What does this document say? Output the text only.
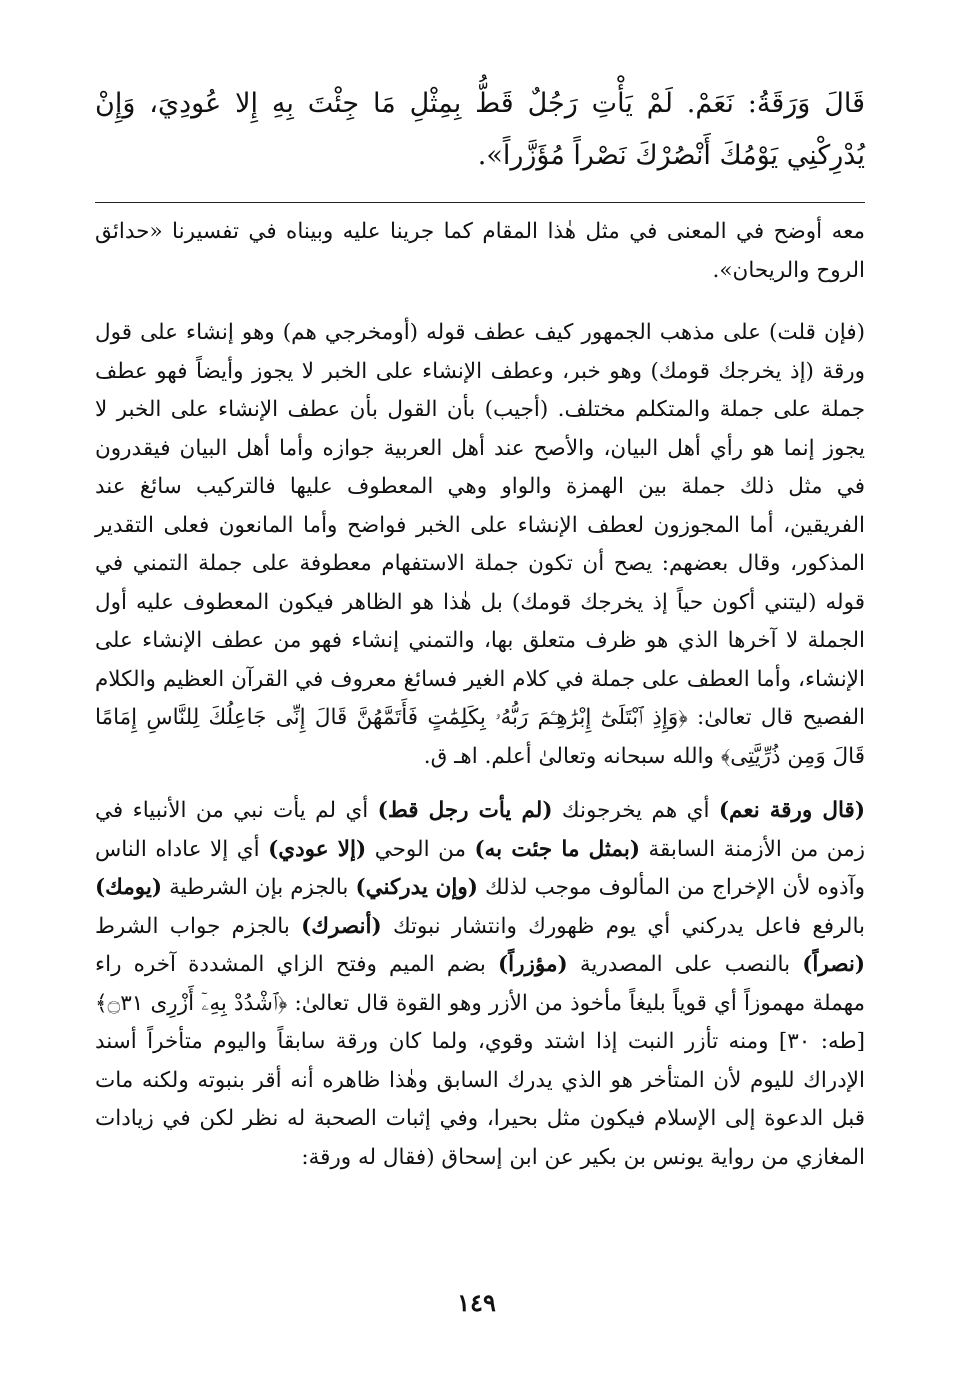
قَالَ وَرَقَةُ: نَعَمْ. لَمْ يَأْتِ رَجُلٌ قَطُّ بِمِثْلِ مَا جِئْتَ بِهِ إِلا عُودِيَ، وَإِنْ يُدْرِكْنِي يَوْمُكَ أَنْصُرْكَ نَصْراً مُؤَزَّراً».

معه أوضح في المعنى في مثل هٰذا المقام كما جرينا عليه وبيناه في تفسيرنا «حدائق الروح والريحان».

(فإن قلت) على مذهب الجمهور كيف عطف قوله (أومخرجي هم) وهو إنشاء على قول ورقة (إذ يخرجك قومك) وهو خبر، وعطف الإنشاء على الخبر لا يجوز وأيضاً فهو عطف جملة على جملة والمتكلم مختلف. (أجيب) بأن القول بأن عطف الإنشاء على الخبر لا يجوز إنما هو رأي أهل البيان، والأصح عند أهل العربية جوازه وأما أهل البيان فيقدرون في مثل ذلك جملة بين الهمزة والواو وهي المعطوف عليها فالتركيب سائغ عند الفريقين، أما المجوزون لعطف الإنشاء على الخبر فواضح وأما المانعون فعلى التقدير المذكور، وقال بعضهم: يصح أن تكون جملة الاستفهام معطوفة على جملة التمني في قوله (ليتني أكون حياً إذ يخرجك قومك) بل هٰذا هو الظاهر فيكون المعطوف عليه أول الجملة لا آخرها الذي هو ظرف متعلق بها، والتمني إنشاء فهو من عطف الإنشاء على الإنشاء، وأما العطف على جملة في كلام الغير فسائغ معروف في القرآن العظيم والكلام الفصيح قال تعالىٰ: ﴿وَإِذِ ٱبْتَلَىٰٓ إِبْرَٰهِـۧمَ رَبُّهُۥ بِكَلِمَٰتٍ فَأَتَمَّهُنَّ قَالَ إِنِّى جَاعِلُكَ لِلنَّاسِ إِمَامًا قَالَ وَمِن ذُرِّيَّتِى﴾ والله سبحانه وتعالىٰ أعلم. اهـ ق.

(قال ورقة نعم) أي هم يخرجونك (لم يأت رجل قط) أي لم يأت نبي من الأنبياء في زمن من الأزمنة السابقة (بمثل ما جئت به) من الوحي (إلا عودي) أي إلا عاداه الناس وآذوه لأن الإخراج من المألوف موجب لذلك (وإن يدركني) بالجزم بإن الشرطية (يومك) بالرفع فاعل يدركني أي يوم ظهورك وانتشار نبوتك (أنصرك) بالجزم جواب الشرط (نصراً) بالنصب على المصدرية (مؤزراً) بضم الميم وفتح الزاي المشددة آخره راء مهملة مهموزاً أي قوياً بليغاً مأخوذ من الأزر وهو القوة قال تعالىٰ: ﴿ٱشْدُدْ بِهِۦٓ أَزْرِى ۝٣١﴾ [طه: ٣٠] ومنه تأزر النبت إذا اشتد وقوي، ولما كان ورقة سابقاً واليوم متأخراً أسند الإدراك لليوم لأن المتأخر هو الذي يدرك السابق وهٰذا ظاهره أنه أقر بنبوته ولكنه مات قبل الدعوة إلى الإسلام فيكون مثل بحيرا، وفي إثبات الصحبة له نظر لكن في زيادات المغازي من رواية يونس بن بكير عن ابن إسحاق (فقال له ورقة:

١٤٩
